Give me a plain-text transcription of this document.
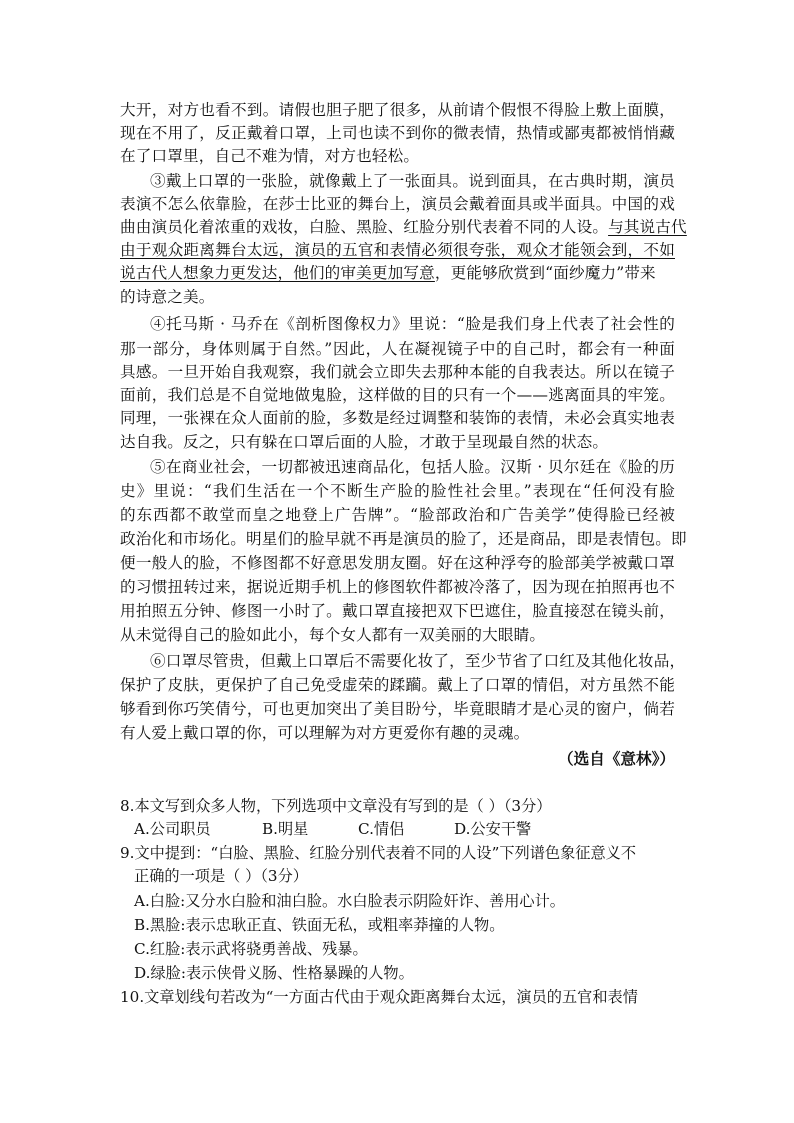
大开，对方也看不到。请假也胆子肥了很多，从前请个假恨不得脸上敷上面膜，
现在不用了，反正戴着口罩，上司也读不到你的微表情，热情或鄙夷都被悄悄藏
在了口罩里，自己不难为情，对方也轻松。
③戴上口罩的一张脸，就像戴上了一张面具。说到面具，在古典时期，演员
表演不怎么依靠脸，在莎士比亚的舞台上，演员会戴着面具或半面具。中国的戏
曲由演员化着浓重的戏妆，白脸、黑脸、红脸分别代表着不同的人设。与其说古代
由于观众距离舞台太远，演员的五官和表情必须很夸张，观众才能领会到，不如
说古代人想象力更发达，他们的审美更加写意，更能够欣赏到“面纱魔力”带来
的诗意之美。
④托马斯 · 马乔在《剖析图像权力》里说：“脸是我们身上代表了社会性的
那一部分，身体则属于自然。”因此，人在凝视镜子中的自己时，都会有一种面
具感。一旦开始自我观察，我们就会立即失去那种本能的自我表达。所以在镜子
面前，我们总是不自觉地做鬼脸，这样做的目的只有一个——逃离面具的牢笼。
同理，一张裸在众人面前的脸，多数是经过调整和装饰的表情，未必会真实地表
达自我。反之，只有躲在口罩后面的人脸，才敢于呈现最自然的状态。
⑤在商业社会，一切都被迅速商品化，包括人脸。汉斯 · 贝尔廷在《脸的历
史》里说：“我们生活在一个不断生产脸的脸性社会里。”表现在“任何没有脸
的东西都不敢堂而皇之地登上广告牌”。“脸部政治和广告美学”使得脸已经被
政治化和市场化。明星们的脸早就不再是演员的脸了，还是商品，即是表情包。即
便一般人的脸，不修图都不好意思发朋友圈。好在这种浮夸的脸部美学被戴口罩
的习惯扭转过来，据说近期手机上的修图软件都被冷落了，因为现在拍照再也不
用拍照五分钟、修图一小时了。戴口罩直接把双下巴遮住，脸直接怼在镜头前，
从未觉得自己的脸如此小，每个女人都有一双美丽的大眼睛。
⑥口罩尽管贵，但戴上口罩后不需要化妆了，至少节省了口红及其他化妆品，
保护了皮肤，更保护了自己免受虚荣的蹂躏。戴上了口罩的情侣，对方虽然不能
够看到你巧笑倩兮，可也更加突出了美目盼兮，毕竟眼睛才是心灵的窗户，倘若
有人爱上戴口罩的你，可以理解为对方更爱你有趣的灵魂。
（选自《意林》）
8.本文写到众多人物，下列选项中文章没有写到的是（ ）（3分）
A.公司职员	B.明星	C.情侣	D.公安干警
9.文中提到：“白脸、黑脸、红脸分别代表着不同的人设”下列谱色象征意义不
正确的一项是（ ）（3分）
A.白脸:又分水白脸和油白脸。水白脸表示阴险奸诈、善用心计。
B.黑脸:表示忠耿正直、铁面无私，或粗率莽撞的人物。
C.红脸:表示武将骁勇善战、残暴。
D.绿脸:表示侠骨义肠、性格暴躁的人物。
10.文章划线句若改为“一方面古代由于观众距离舞台太远，演员的五官和表情
